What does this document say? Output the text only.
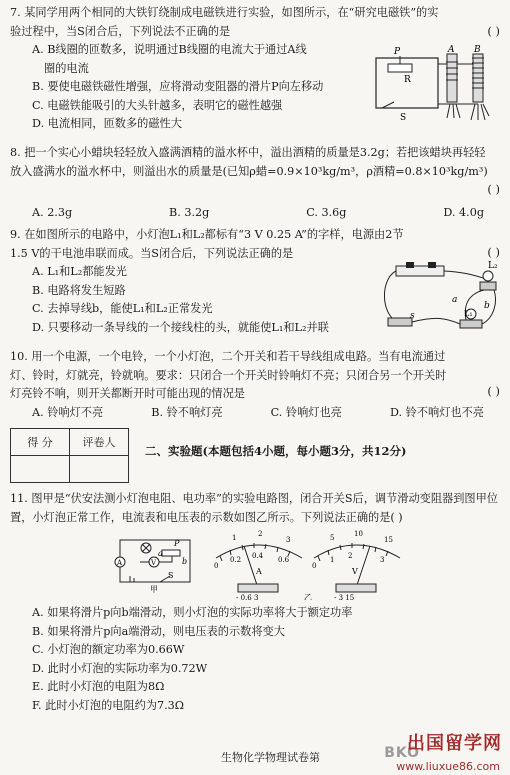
7. 某同学用两个相同的大铁钉绕制成电磁铁进行实验，如图所示，在“研究电磁铁”的实
验过程中，当S闭合后，下列说法不正确的是
A. B线圈的匝数多，说明通过B线圈的电流大于通过A线
圈的电流
B. 要使电磁铁磁性增强，应将滑动变阻器的滑片P向左移动
C. 电磁铁能吸引的大头针越多，表明它的磁性越强
D. 电流相同，匝数多的磁性大
( )
P
R
S
A B
8. 把一个实心小蜡块轻轻放入盛满酒精的溢水杯中，溢出酒精的质量是3.2g；若把该蜡块再轻轻
放入盛满水的溢水杯中，则溢出水的质量是(已知ρ蜡=0.9×10³kg/m³，ρ酒精=0.8×10³kg/m³)
( )
A. 2.3g	B. 3.2g	C. 3.6g	D. 4.0g
9. 在如图所示的电路中，小灯泡L₁和L₂都标有“3 V 0.25 A”的字样，电源由2节
1.5 V的干电池串联而成。当S闭合后，下列说法正确的是
A. L₁和L₂都能发光
B. 电路将发生短路
C. 去掉导线b，能使L₁和L₂正常发光
D. 只要移动一条导线的一个接线柱的头，就能使L₁和L₂并联
( )
L₂
a
b
s	L₁
10. 用一个电源，一个电铃，一个小灯泡，二个开关和若干导线组成电路。当有电流通过
灯、铃时，灯就亮，铃就响。要求：只闭合一个开关时铃响灯不亮；只闭合另一个开关时
灯亮铃不响，则开关都断开时可能出现的情况是
A. 铃响灯不亮	B. 铃不响灯亮	C. 铃响灯也亮	D. 铃不响灯也不亮
( )
得 分	评卷人

二、实验题(本题包括4小题，每小题3分，共12分)
11. 图甲是“伏安法测小灯泡电阻、电功率”的实验电路图，闭合开关S后，调节滑动变阻器到图甲位
置，小灯泡正常工作，电流表和电压表的示数如图乙所示。下列说法正确的是( )
P
b
a
S
A	V
甲
0
0.2 0.4 0.6
1	2
3
A
- 0.6 3
0
1 2	3
5	10
15
V
- 3 15
乙
A. 如果将滑片p向b端滑动，则小灯泡的实际功率将大于额定功率
B. 如果将滑片p向a端滑动，则电压表的示数将变大
C. 小灯泡的额定功率为0.66W
D. 此时小灯泡的实际功率为0.72W
E. 此时小灯泡的电阻为8Ω
F. 此时小灯泡的电阻约为7.3Ω
生物化学物理试卷第	BKO
出国留学网
www.liuxue86.com
